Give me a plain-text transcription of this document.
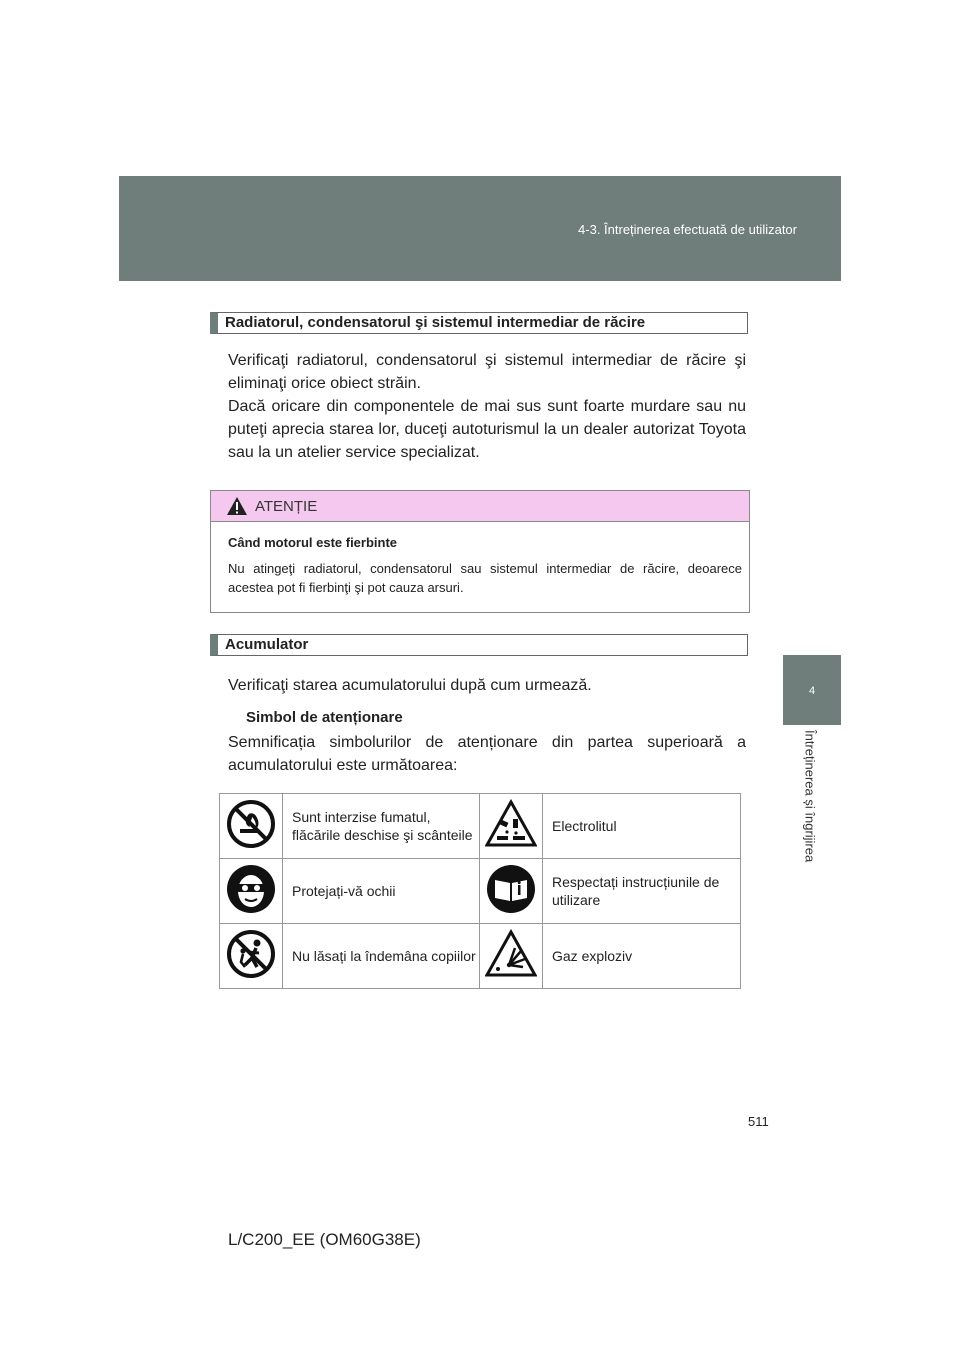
4-3. Întreținerea efectuată de utilizator
4
Întreținerea și îngrijirea
Radiatorul, condensatorul şi sistemul intermediar de răcire
Verificaţi radiatorul, condensatorul şi sistemul intermediar de răcire şi eliminaţi orice obiect străin.
Dacă oricare din componentele de mai sus sunt foarte murdare sau nu puteţi aprecia starea lor, duceţi autoturismul la un dealer autorizat Toyota sau la un atelier service specializat.
ATENȚIE
Când motorul este fierbinte
Nu atingeţi radiatorul, condensatorul sau sistemul intermediar de răcire, deoarece acestea pot fi fierbinţi şi pot cauza arsuri.
Acumulator
Verificaţi starea acumulatorului după cum urmează.
Simbol de atenționare
Semnificația simbolurilor de atenționare din partea superioară a acumulatorului este următoarea:
	Sunt interzise fumatul, flăcările deschise şi scânteile		Electrolitul
	Protejați-vă ochii		Respectați instrucțiunile de utilizare
	Nu lăsați la îndemâna copiilor		Gaz exploziv
511
L/C200_EE (OM60G38E)
